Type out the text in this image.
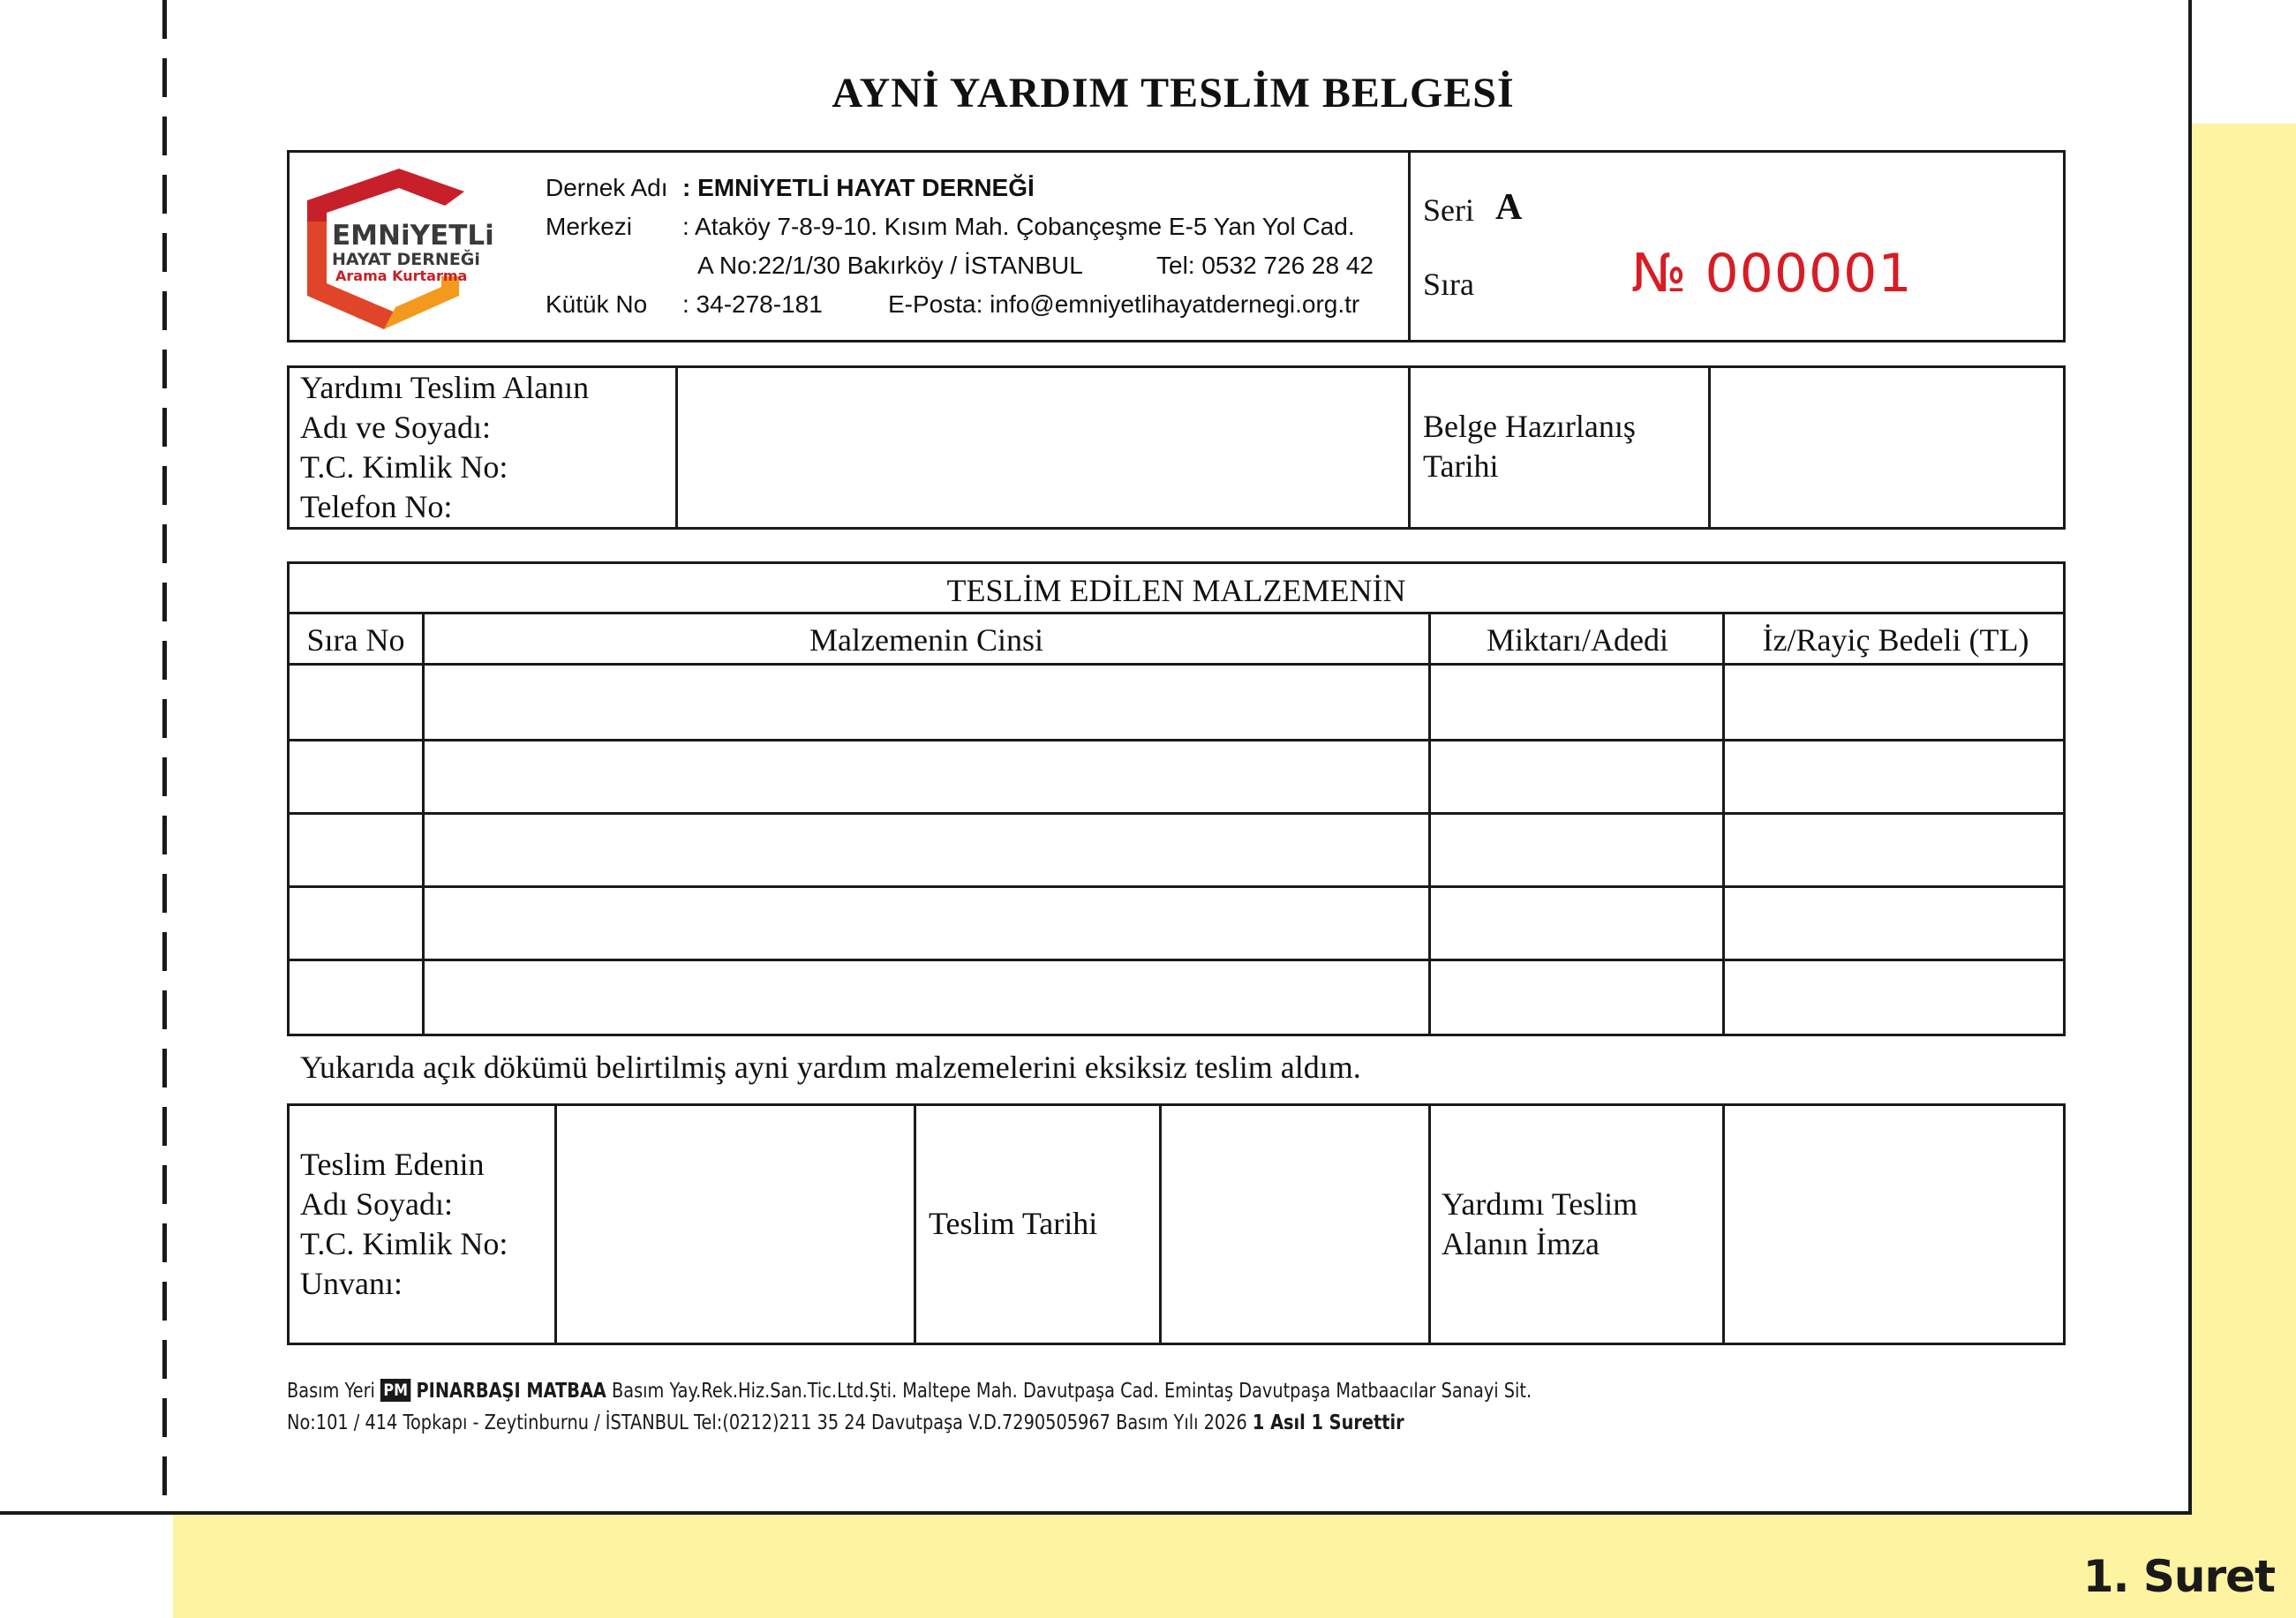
1. Suret
AYNİ YARDIM TESLİM BELGESİ
EMNiYETLi
HAYAT DERNEĞi
Arama Kurtarma
Dernek Adı : EMNİYETLİ HAYAT DERNEĞİ
Merkezi : Ataköy 7-8-9-10. Kısım Mah. Çobançeşme E-5 Yan Yol Cad.
A No:22/1/30 Bakırköy / İSTANBUL	Tel: 0532 726 28 42
Kütük No : 34-278-181	E-Posta: info@emniyetlihayatdernegi.org.tr
Seri A
Sıra	№ 000001
Yardımı Teslim Alanın
Adı ve Soyadı:
T.C. Kimlik No:
Telefon No:
Belge Hazırlanış
Tarihi
TESLİM EDİLEN MALZEMENİN
Sıra No	Malzemenin Cinsi	Miktarı/Adedi	İz/Rayiç Bedeli (TL)
Yukarıda açık dökümü belirtilmiş ayni yardım malzemelerini eksiksiz teslim aldım.
Teslim Edenin
Adı Soyadı:
T.C. Kimlik No:
Unvanı:
Teslim Tarihi
Yardımı Teslim
Alanın İmza
Basım Yeri PM PINARBAŞI MATBAA Basım Yay.Rek.Hiz.San.Tic.Ltd.Şti. Maltepe Mah. Davutpaşa Cad. Emintaş Davutpaşa Matbaacılar Sanayi Sit.
No:101 / 414 Topkapı - Zeytinburnu / İSTANBUL Tel:(0212)211 35 24 Davutpaşa V.D.7290505967 Basım Yılı 2026 1 Asıl 1 Surettir
